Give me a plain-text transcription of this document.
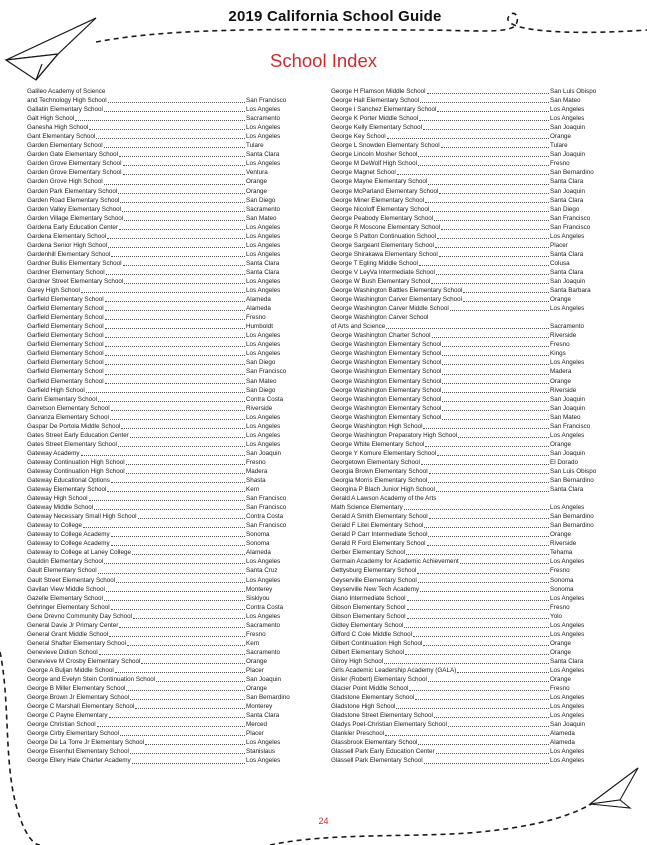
2019 California School Guide
School Index
Galileo Academy of Science
and Technology High School	San Francisco
Gallatin Elementary School	Los Angeles
Galt High School	Sacramento
Ganesha High School	Los Angeles
Gant Elementary School	Los Angeles
Garden Elementary School	Tulare
Garden Gate Elementary School	Santa Clara
Garden Grove Elementary School	Los Angeles
Garden Grove Elementary School	Ventura
Garden Grove High School	Orange
Garden Park Elementary School	Orange
Garden Road Elementary School	San Diego
Garden Valley Elementary School	Sacramento
Garden Village Elementary School	San Mateo
Gardena Early Education Center	Los Angeles
Gardena Elementary School	Los Angeles
Gardena Senior High School	Los Angeles
Gardenhill Elementary School	Los Angeles
Gardner Bullis Elementary School	Santa Clara
Gardner Elementary School	Santa Clara
Gardner Street Elementary School	Los Angeles
Garey High School	Los Angeles
Garfield Elementary School	Alameda
Garfield Elementary School	Alameda
Garfield Elementary School	Fresno
Garfield Elementary School	Humboldt
Garfield Elementary School	Los Angeles
Garfield Elementary School	Los Angeles
Garfield Elementary School	Los Angeles
Garfield Elementary School	San Diego
Garfield Elementary School	San Francisco
Garfield Elementary School	San Mateo
Garfield High School	San Diego
Garin Elementary School	Contra Costa
Garretson Elementary School	Riverside
Garvanza Elementary School	Los Angeles
Gaspar De Portola Middle School	Los Angeles
Gates Street Early Education Center	Los Angeles
Gates Street Elementary School	Los Angeles
Gateway Academy	San Joaquin
Gateway Continuation High School	Fresno
Gateway Continuation High School	Madera
Gateway Educational Options	Shasta
Gateway Elementary School	Kern
Gateway High School	San Francisco
Gateway Middle School	San Francisco
Gateway Necessary Small High School	Contra Costa
Gateway to College	San Francisco
Gateway to College Academy	Sonoma
Gateway to College Academy	Sonoma
Gateway to College at Laney College	Alameda
Gauldin Elementary School	Los Angeles
Gault Elementary School	Santa Cruz
Gault Street Elementary School	Los Angeles
Gavilan View Middle School	Monterey
Gazelle Elementary School	Siskiyou
Gehringer Elementary School	Contra Costa
Gene Drevno Community Day School	Los Angeles
General Davie Jr Primary Center	Sacramento
General Grant Middle School	Fresno
General Shafter Elementary School	Kern
Genevieve Didion School	Sacramento
Genevieve M Crosby Elementary School	Orange
George A Buljan Middle School	Placer
George and Evelyn Stein Continuation School	San Joaquin
George B Miller Elementary School	Orange
George Brown Jr Elementary School	San Bernardino
George C Marshall Elementary School	Monterey
George C Payne Elementary	Santa Clara
George Christian School	Merced
George Cirby Elementary School	Placer
George De La Torre Jr Elementary School	Los Angeles
George Eisenhut Elementary School	Stanislaus
George Ellery Hale Charter Academy	Los Angeles
George H Flamson Middle School	San Luis Obispo
George Hall Elementary School	San Mateo
George I Sanchez Elementary School	Los Angeles
George K Porter Middle School	Los Angeles
George Kelly Elementary School	San Joaquin
George Key School	Orange
George L Snowden Elementary School	Tulare
George Lincoln Mosher School	San Joaquin
George M DeWolf High School	Fresno
George Magnet School	San Bernardino
George Mayne Elementary School	Santa Clara
George McParland Elementary School	San Joaquin
George Miner Elementary School	Santa Clara
George Nicoloff Elementary School	San Diego
George Peabody Elementary School	San Francisco
George R Moscone Elementary School	San Francisco
George S Patton Continuation School	Los Angeles
George Sargeant Elementary School	Placer
George Shirakawa Elementary School	Santa Clara
George T Egling Middle School	Colusa
George V LeyVa Intermediate School	Santa Clara
George W Bush Elementary School	San Joaquin
George Washington Battles Elementary School	Santa Barbara
George Washington Carver Elementary School	Orange
George Washington Carver Middle School	Los Angeles
George Washington Carver School
of Arts and Science	Sacramento
George Washington Charter School	Riverside
George Washington Elementary School	Fresno
George Washington Elementary School	Kings
George Washington Elementary School	Los Angeles
George Washington Elementary School	Madera
George Washington Elementary School	Orange
George Washington Elementary School	Riverside
George Washington Elementary School	San Joaquin
George Washington Elementary School	San Joaquin
George Washington Elementary School	San Mateo
George Washington High School	San Francisco
George Washington Preparatory High School	Los Angeles
George White Elementary School	Orange
George Y Komure Elementary School	San Joaquin
Georgetown Elementary School	El Dorado
Georgia Brown Elementary School	San Luis Obispo
Georgia Morris Elementary School	San Bernardino
Georgina P Blach Junior High School	Santa Clara
Gerald A Lawson Academy of the Arts
Math Science Elementary	Los Angeles
Gerald A Smith Elementary School	San Bernardino
Gerald F Litel Elementary School	San Bernardino
Gerald P Carr Intermediate School	Orange
Gerald R Ford Elementary School	Riverside
Gerber Elementary School	Tehama
Germain Academy for Academic Achievement	Los Angeles
Gettysburg Elementary School	Fresno
Geyserville Elementary School	Sonoma
Geyserville New Tech Academy	Sonoma
Giano Intermediate School	Los Angeles
Gibson Elementary School	Fresno
Gibson Elementary School	Yolo
Gidley Elementary School	Los Angeles
Gifford C Cole Middle School	Los Angeles
Gilbert Continuation High School	Orange
Gilbert Elementary School	Orange
Gilroy High School	Santa Clara
Girls Academic Leadership Academy (GALA)	Los Angeles
Gisler (Robert) Elementary School	Orange
Glacier Point Middle School	Fresno
Gladstone Elementary School	Los Angeles
Gladstone High School	Los Angeles
Gladstone Street Elementary School	Los Angeles
Gladys Poet-Christian Elementary School	San Joaquin
Glankler Preschool	Alameda
Glassbrook Elementary School	Alameda
Glassell Park Early Education Center	Los Angeles
Glassell Park Elementary School	Los Angeles
24
